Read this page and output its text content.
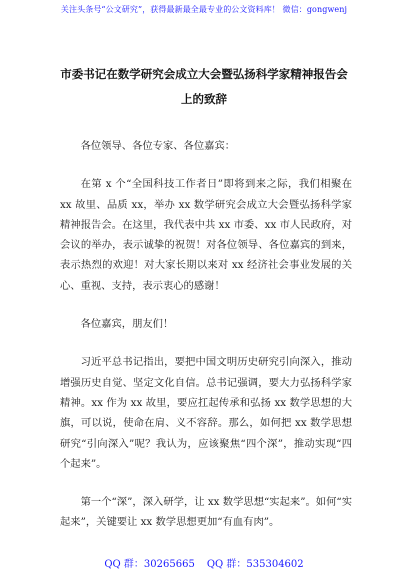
关注头条号“公文研究”，获得最新最全最专业的公文资料库！ 微信：gongwenj
市委书记在数学研究会成立大会暨弘扬科学家精神报告会
上的致辞

各位领导、各位专家、各位嘉宾：

在第 x 个“全国科技工作者日”即将到来之际，我们相聚在 xx 故里、品质 xx，举办 xx 数学研究会成立大会暨弘扬科学家精神报告会。在这里，我代表中共 xx 市委、xx 市人民政府，对会议的举办，表示诚挚的祝贺！对各位领导、各位嘉宾的到来，表示热烈的欢迎！对大家长期以来对 xx 经济社会事业发展的关心、重视、支持，表示衷心的感谢！

各位嘉宾，朋友们！

习近平总书记指出，要把中国文明历史研究引向深入，推动增强历史自觉、坚定文化自信。总书记强调，要大力弘扬科学家精神。xx 作为 xx 故里，要应扛起传承和弘扬 xx 数学思想的大旗，可以说，使命在肩、义不容辞。那么，如何把 xx 数学思想研究“引向深入”呢？我认为，应该聚焦“四个深”，推动实现“四个起来”。

第一个“深”，深入研学，让 xx 数学思想“实起来”。如何“实起来”，关键要让 xx 数学思想更加“有血有肉”。

QQ 群：30265665 QQ 群：535304602
